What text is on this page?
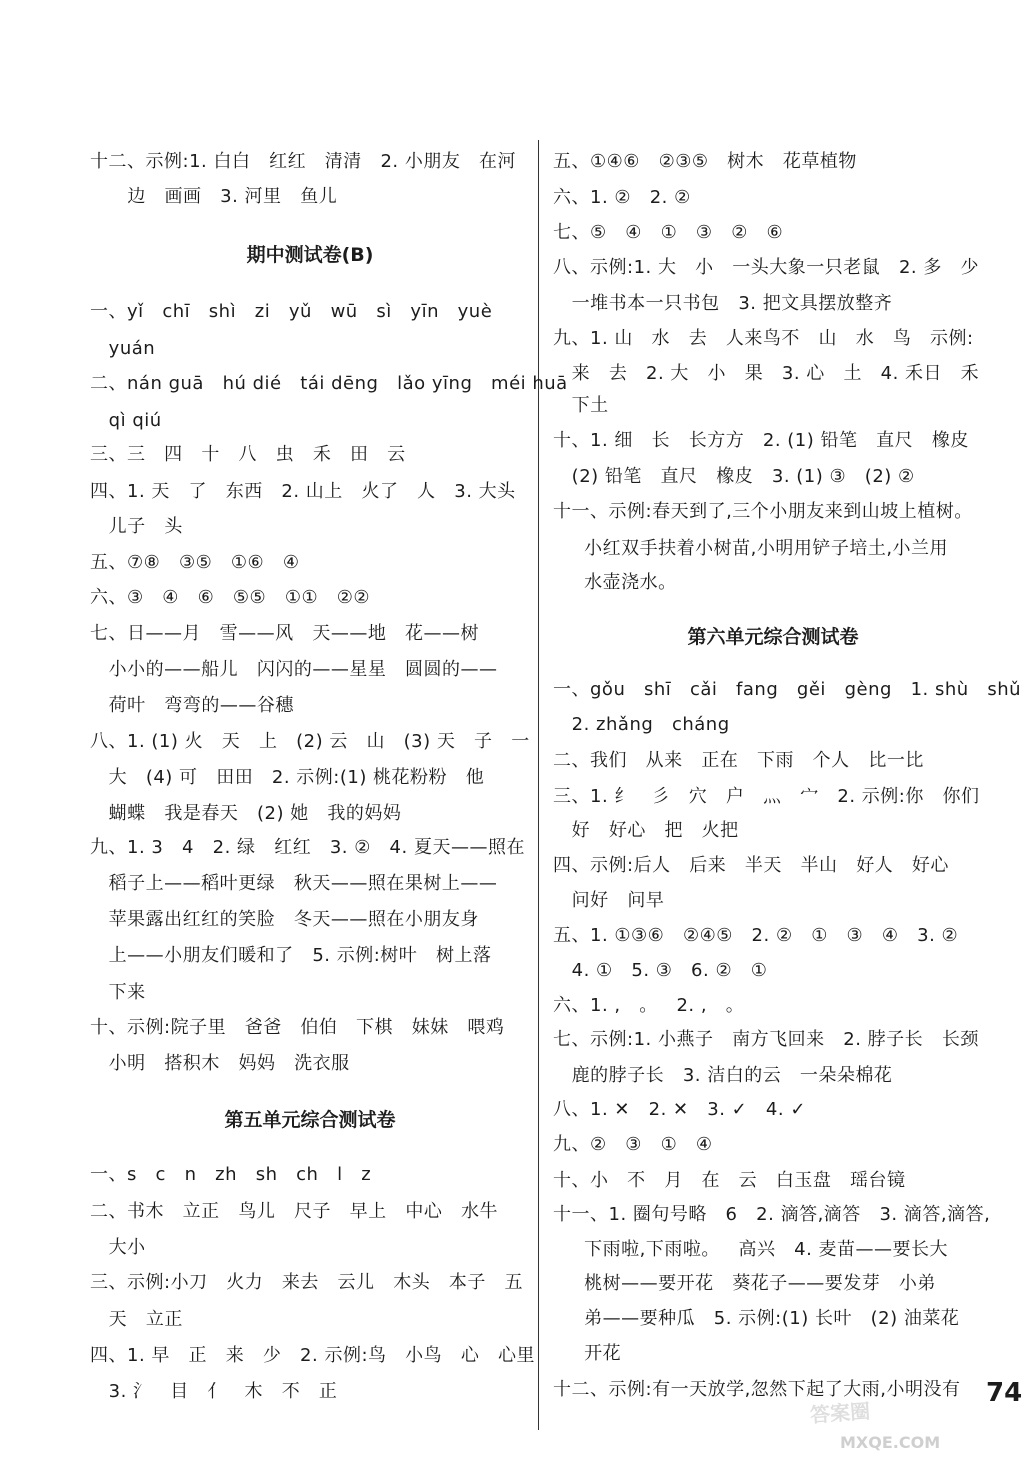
十二、示例:1. 白白   红红   清清   2. 小朋友   在河
边   画画   3. 河里   鱼儿
期中测试卷(B)
一、yǐ   chī   shì   zi   yǔ   wū   sì   yīn   yuè
yuán
二、nán guā   hú dié   tái dēng   lǎo yīng   méi huā
qì qiú
三、三   四   十   八   虫   禾   田   云
四、1. 天   了   东西   2. 山上   火了   人   3. 大头
儿子   头
五、⑦⑧   ③⑤   ①⑥   ④
六、③   ④   ⑥   ⑤⑤   ①①   ②②
七、日——月   雪——风   天——地   花——树
小小的——船儿   闪闪的——星星   圆圆的——
荷叶   弯弯的——谷穗
八、1. (1) 火   天   上   (2) 云   山   (3) 天   子   一
大   (4) 可   田田   2. 示例:(1) 桃花粉粉   他
蝴蝶   我是春天   (2) 她   我的妈妈
九、1. 3   4   2. 绿   红红   3. ②   4. 夏天——照在
稻子上——稻叶更绿   秋天——照在果树上——
苹果露出红红的笑脸   冬天——照在小朋友身
上——小朋友们暖和了   5. 示例:树叶   树上落
下来
十、示例:院子里   爸爸   伯伯   下棋   妹妹   喂鸡
小明   搭积木   妈妈   洗衣服
第五单元综合测试卷
一、s   c   n   zh   sh   ch   l   z
二、书木   立正   鸟儿   尺子   早上   中心   水牛
大小
三、示例:小刀   火力   来去   云儿   木头   本子   五
天   立正
四、1. 早   正   来   少   2. 示例:鸟   小鸟   心   心里
3. 氵   目   亻   木   不   正
五、①④⑥   ②③⑤   树木   花草植物
六、1. ②   2. ②
七、⑤   ④   ①   ③   ②   ⑥
八、示例:1. 大   小   一头大象一只老鼠   2. 多   少
一堆书本一只书包   3. 把文具摆放整齐
九、1. 山   水   去   人来鸟不   山   水   鸟   示例:
来   去   2. 大   小   果   3. 心   土   4. 禾日   禾
下土
十、1. 细   长   长方方   2. (1) 铅笔   直尺   橡皮
(2) 铅笔   直尺   橡皮   3. (1) ③   (2) ②
十一、示例:春天到了,三个小朋友来到山坡上植树。
小红双手扶着小树苗,小明用铲子培土,小兰用
水壶浇水。
第六单元综合测试卷
一、gǒu   shī   cǎi   fang   gěi   gèng   1. shù   shǔ
2. zhǎng   cháng
二、我们   从来   正在   下雨   个人   比一比
三、1. 纟   彡   穴   户   灬   宀   2. 示例:你   你们
好   好心   把   火把
四、示例:后人   后来   半天   半山   好人   好心
问好   问早
五、1. ①③⑥   ②④⑤   2. ②   ①   ③   ④   3. ②
4. ①   5. ③   6. ②   ①
六、1. ,   。   2. ,   。
七、示例:1. 小燕子   南方飞回来   2. 脖子长   长颈
鹿的脖子长   3. 洁白的云   一朵朵棉花
八、1. ✕   2. ✕   3. ✓   4. ✓
九、②   ③   ①   ④
十、小   不   月   在   云   白玉盘   瑶台镜
十一、1. 圈句号略   6   2. 滴答,滴答   3. 滴答,滴答,
下雨啦,下雨啦。   高兴   4. 麦苗——要长大
桃树——要开花   葵花子——要发芽   小弟
弟——要种瓜   5. 示例:(1) 长叶   (2) 油菜花
开花
十二、示例:有一天放学,忽然下起了大雨,小明没有 74
答案圈
MXQE.COM
